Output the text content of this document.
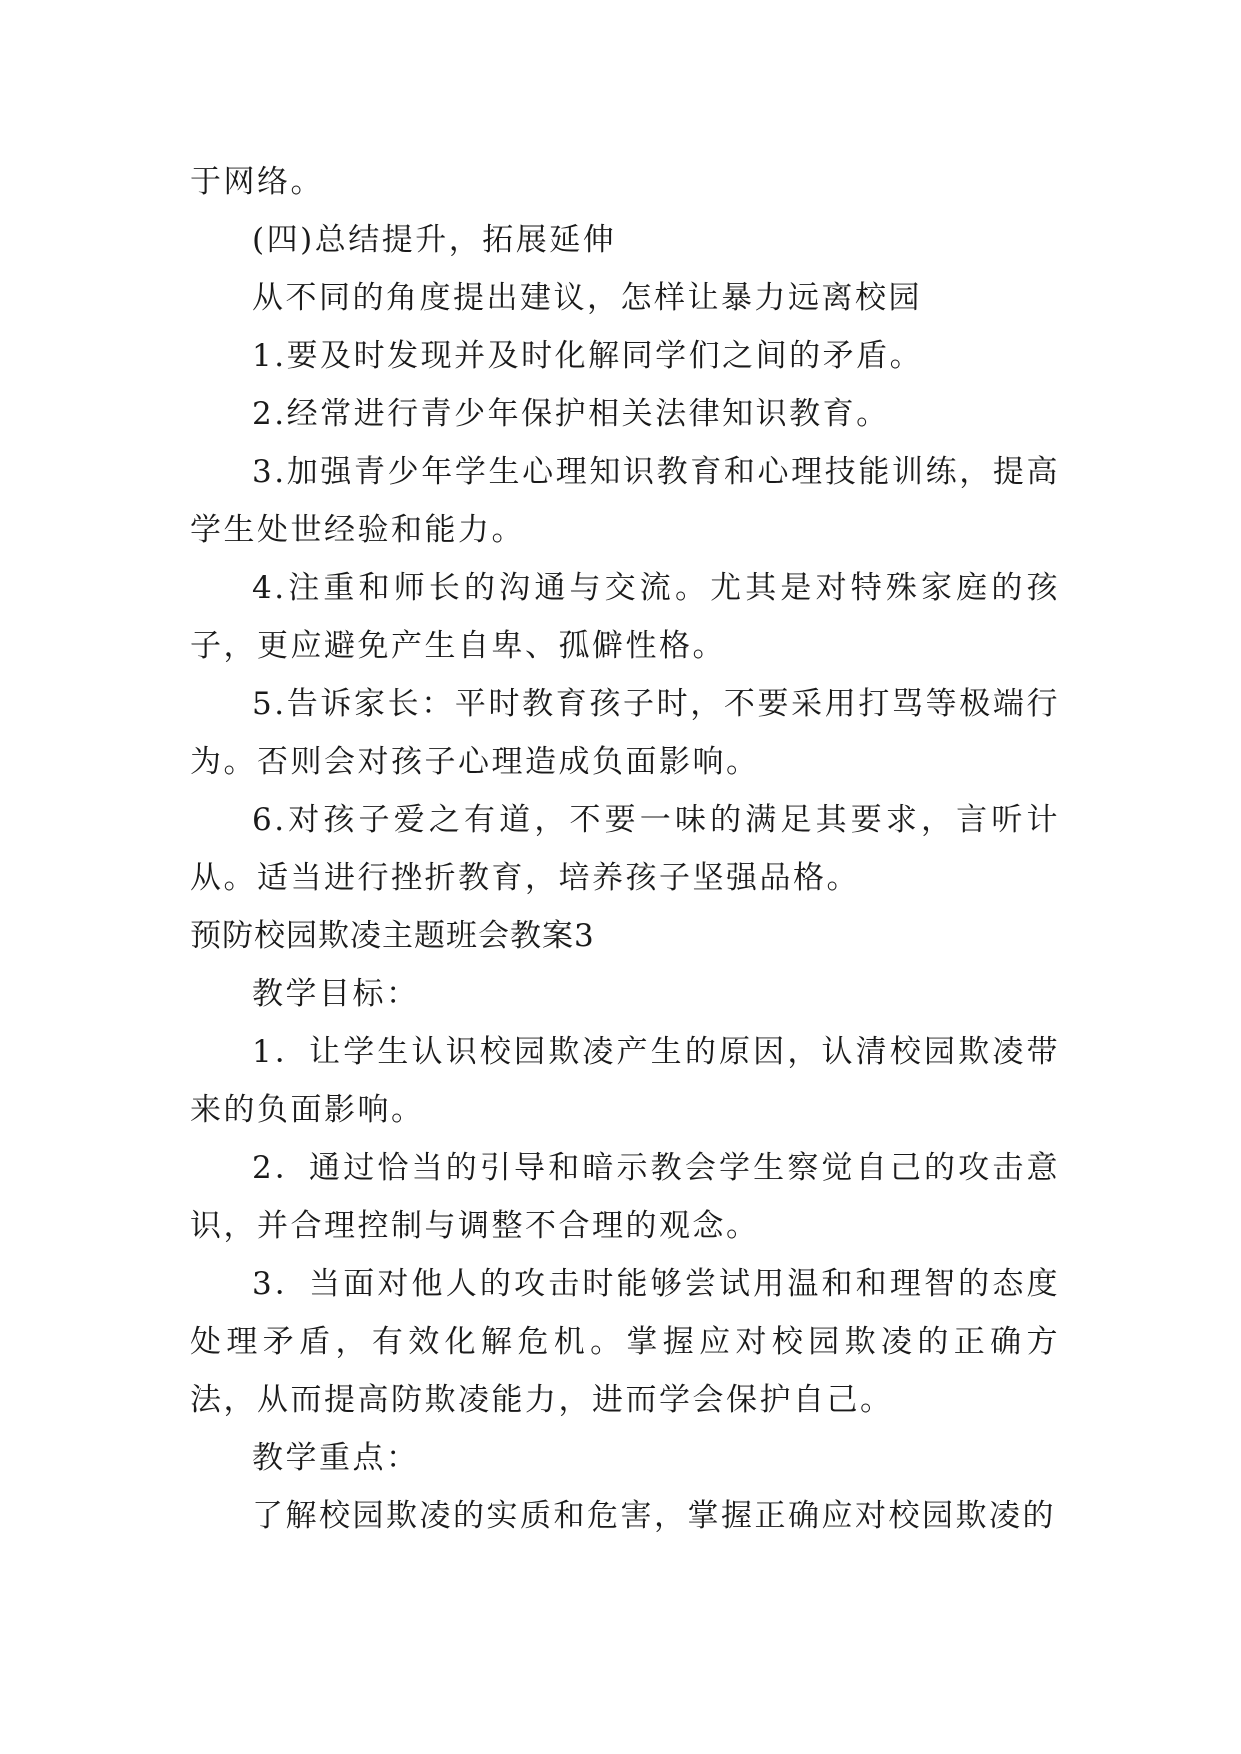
于网络。

(四)总结提升，拓展延伸

从不同的角度提出建议，怎样让暴力远离校园

1.要及时发现并及时化解同学们之间的矛盾。

2.经常进行青少年保护相关法律知识教育。

3.加强青少年学生心理知识教育和心理技能训练，提高学生处世经验和能力。

4.注重和师长的沟通与交流。尤其是对特殊家庭的孩子，更应避免产生自卑、孤僻性格。

5.告诉家长：平时教育孩子时，不要采用打骂等极端行为。否则会对孩子心理造成负面影响。

6.对孩子爱之有道，不要一味的满足其要求，言听计从。适当进行挫折教育，培养孩子坚强品格。

预防校园欺凌主题班会教案3

教学目标：

1．让学生认识校园欺凌产生的原因，认清校园欺凌带来的负面影响。

2．通过恰当的引导和暗示教会学生察觉自己的攻击意识，并合理控制与调整不合理的观念。

3．当面对他人的攻击时能够尝试用温和和理智的态度处理矛盾，有效化解危机。掌握应对校园欺凌的正确方法，从而提高防欺凌能力，进而学会保护自己。

教学重点：

了解校园欺凌的实质和危害，掌握正确应对校园欺凌的
